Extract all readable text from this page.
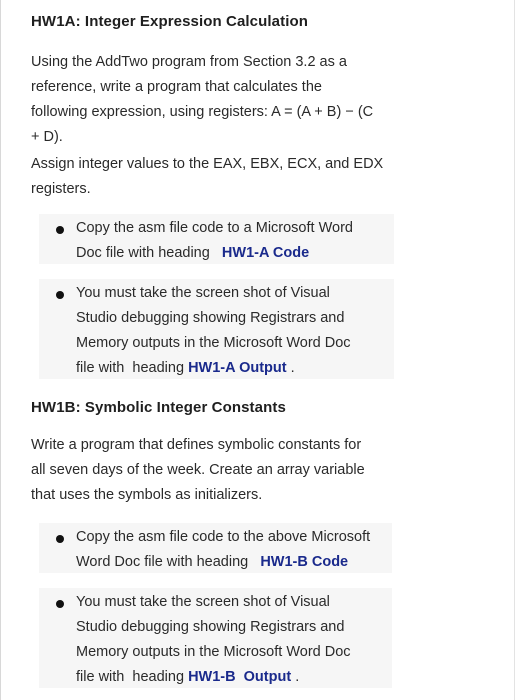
HW1A: Integer Expression Calculation

Using the AddTwo program from Section 3.2 as a
reference, write a program that calculates the
following expression, using registers: A = (A + B) − (C
+ D).

Assign integer values to the EAX, EBX, ECX, and EDX
registers.

Copy the asm file code to a Microsoft Word
Doc file with heading HW1-A Code
You must take the screen shot of Visual
Studio debugging showing Registrars and
Memory outputs in the Microsoft Word Doc
file with heading HW1-A Output .
HW1B: Symbolic Integer Constants

Write a program that defines symbolic constants for
all seven days of the week. Create an array variable
that uses the symbols as initializers.

Copy the asm file code to the above Microsoft
Word Doc file with heading HW1-B Code
You must take the screen shot of Visual
Studio debugging showing Registrars and
Memory outputs in the Microsoft Word Doc
file with heading HW1-B Output .
